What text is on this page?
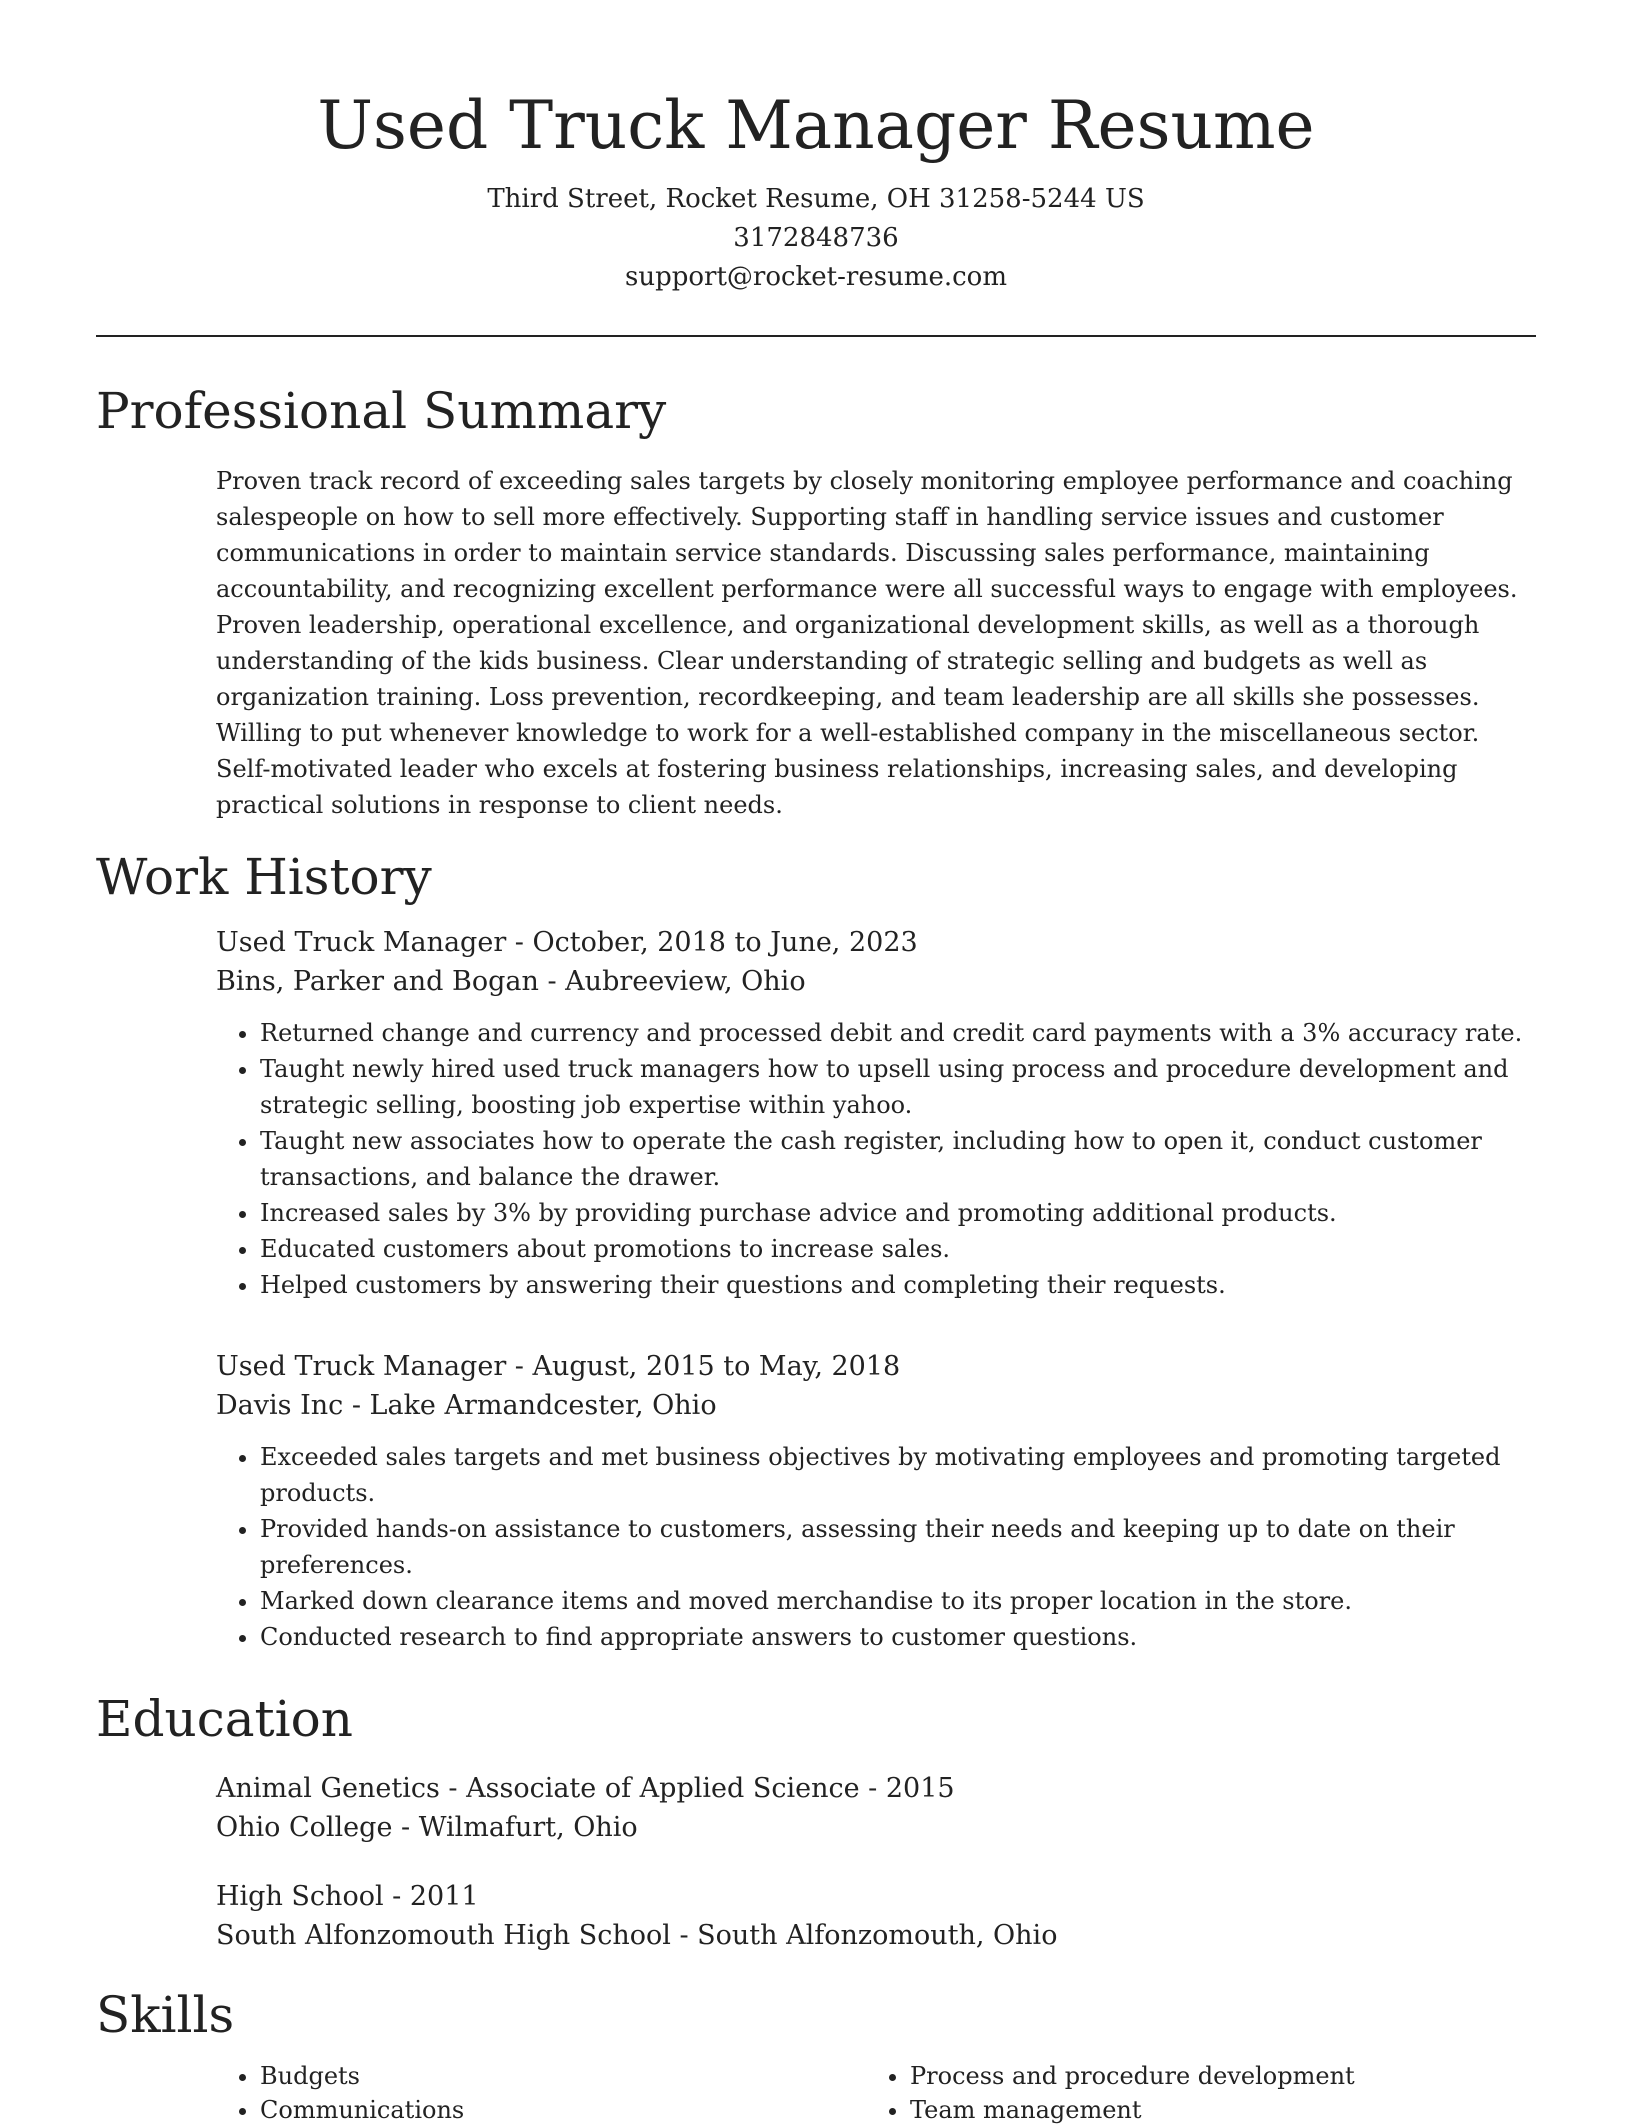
Used Truck Manager Resume
Third Street, Rocket Resume, OH 31258-5244 US
3172848736
support@rocket-resume.com
Professional Summary
Proven track record of exceeding sales targets by closely monitoring employee performance and coaching salespeople on how to sell more effectively. Supporting staff in handling service issues and customer communications in order to maintain service standards. Discussing sales performance, maintaining accountability, and recognizing excellent performance were all successful ways to engage with employees. Proven leadership, operational excellence, and organizational development skills, as well as a thorough understanding of the kids business. Clear understanding of strategic selling and budgets as well as organization training. Loss prevention, recordkeeping, and team leadership are all skills she possesses. Willing to put whenever knowledge to work for a well-established company in the miscellaneous sector. Self-motivated leader who excels at fostering business relationships, increasing sales, and developing practical solutions in response to client needs.
Work History
Used Truck Manager - October, 2018 to June, 2023
Bins, Parker and Bogan - Aubreeview, Ohio
• Returned change and currency and processed debit and credit card payments with a 3% accuracy rate.
• Taught newly hired used truck managers how to upsell using process and procedure development and strategic selling, boosting job expertise within yahoo.
• Taught new associates how to operate the cash register, including how to open it, conduct customer transactions, and balance the drawer.
• Increased sales by 3% by providing purchase advice and promoting additional products.
• Educated customers about promotions to increase sales.
• Helped customers by answering their questions and completing their requests.
Used Truck Manager - August, 2015 to May, 2018
Davis Inc - Lake Armandcester, Ohio
• Exceeded sales targets and met business objectives by motivating employees and promoting targeted products.
• Provided hands-on assistance to customers, assessing their needs and keeping up to date on their preferences.
• Marked down clearance items and moved merchandise to its proper location in the store.
• Conducted research to find appropriate answers to customer questions.
Education
Animal Genetics - Associate of Applied Science - 2015
Ohio College - Wilmafurt, Ohio
High School - 2011
South Alfonzomouth High School - South Alfonzomouth, Ohio
Skills
• Budgets
• Communications
• Process and procedure development
• Team management
